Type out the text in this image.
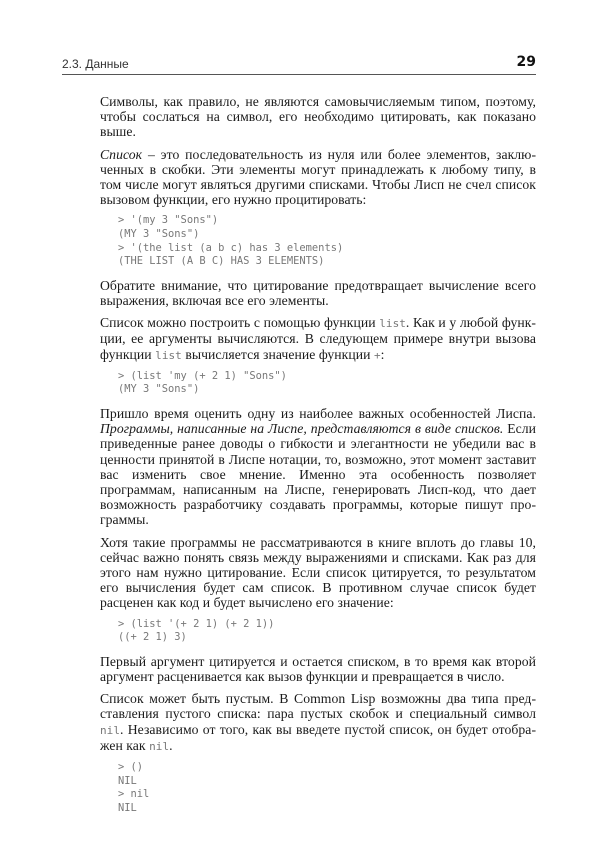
2.3. Данные	29

Символы, как правило, не являются самовычисляемым типом, поэтому, чтобы сослаться на символ, его необходимо цитировать, как показано выше.

Список – это последовательность из нуля или более элементов, заключенных в скобки. Эти элементы могут принадлежать к любому типу, в том числе могут являться другими списками. Чтобы Лисп не счел список вызовом функции, его нужно процитировать:

> '(my 3 "Sons")
(MY 3 "Sons")
> '(the list (a b c) has 3 elements)
(THE LIST (A B C) HAS 3 ELEMENTS)

Обратите внимание, что цитирование предотвращает вычисление всего выражения, включая все его элементы.

Список можно построить с помощью функции list. Как и у любой функции, ее аргументы вычисляются. В следующем примере внутри вызова функции list вычисляется значение функции +:

> (list 'my (+ 2 1) "Sons")
(MY 3 "Sons")

Пришло время оценить одну из наиболее важных особенностей Лиспа. Программы, написанные на Лиспе, представляются в виде списков. Если приведенные ранее доводы о гибкости и элегантности не убедили вас в ценности принятой в Лиспе нотации, то, возможно, этот момент заставит вас изменить свое мнение. Именно эта особенность позволяет программам, написанным на Лиспе, генерировать Лисп-код, что дает возможность разработчику создавать программы, которые пишут программы.

Хотя такие программы не рассматриваются в книге вплоть до главы 10, сейчас важно понять связь между выражениями и списками. Как раз для этого нам нужно цитирование. Если список цитируется, то результатом его вычисления будет сам список. В противном случае список будет расценен как код и будет вычислено его значение:

> (list '(+ 2 1) (+ 2 1))
((+ 2 1) 3)

Первый аргумент цитируется и остается списком, в то время как второй аргумент расценивается как вызов функции и превращается в число.

Список может быть пустым. В Common Lisp возможны два типа представления пустого списка: пара пустых скобок и специальный символ nil. Независимо от того, как вы введете пустой список, он будет отображен как nil.

> ()
NIL
> nil
NIL
